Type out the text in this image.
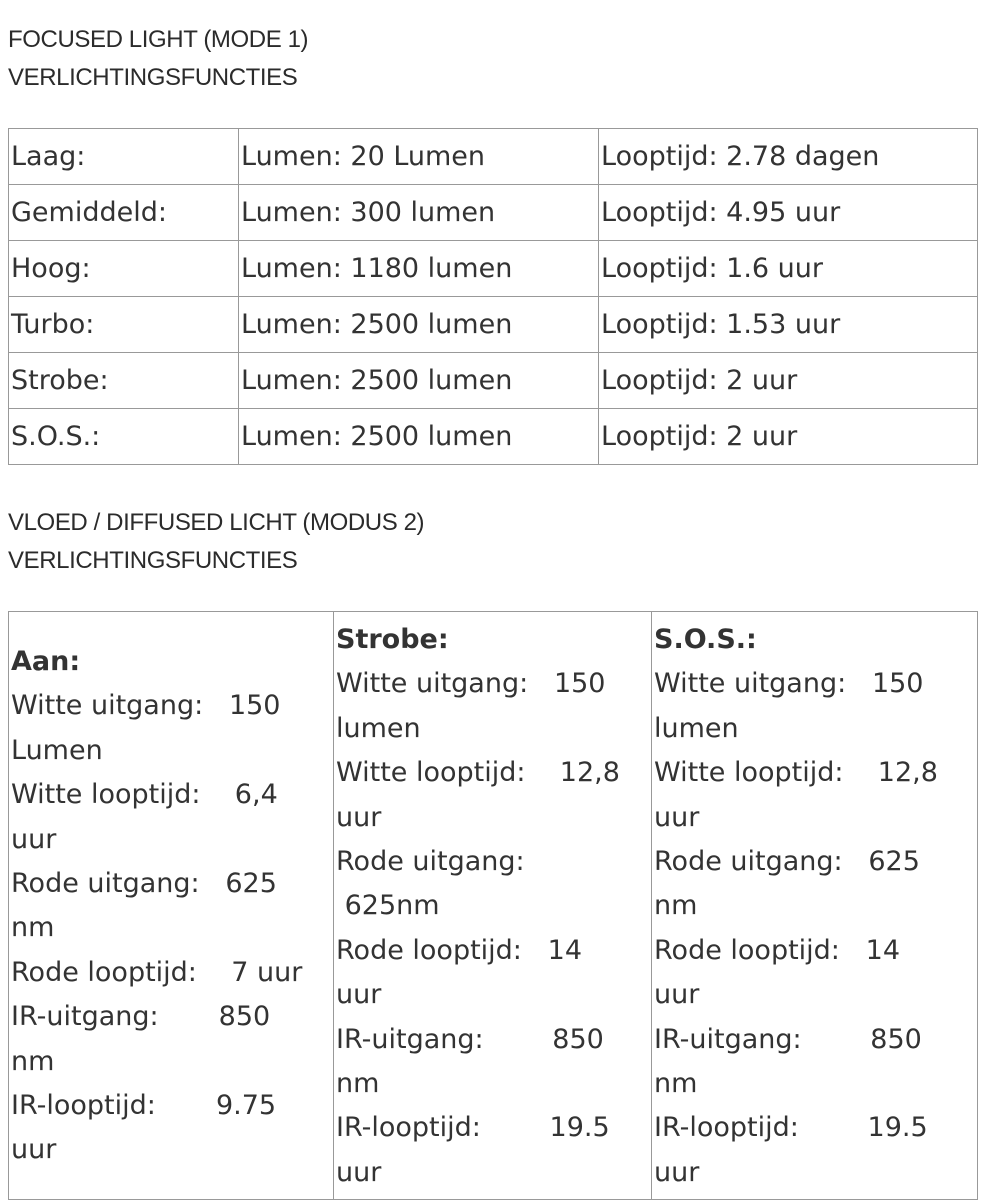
FOCUSED LIGHT (MODE 1)
VERLICHTINGSFUNCTIES
Laag:	Lumen: 20 Lumen	Looptijd: 2.78 dagen
Gemiddeld:	Lumen: 300 lumen	Looptijd: 4.95 uur
Hoog:	Lumen: 1180 lumen	Looptijd: 1.6 uur
Turbo:	Lumen: 2500 lumen	Looptijd: 1.53 uur
Strobe:	Lumen: 2500 lumen	Looptijd: 2 uur
S.O.S.:	Lumen: 2500 lumen	Looptijd: 2 uur
VLOED / DIFFUSED LICHT (MODUS 2)
VERLICHTINGSFUNCTIES
Aan:
Witte uitgang:   150
Lumen
Witte looptijd:    6,4
uur
Rode uitgang:   625
nm
Rode looptijd:    7 uur
IR-uitgang:       850
nm
IR-looptijd:       9.75
uur

Strobe:
Witte uitgang:   150
lumen
Witte looptijd:    12,8
uur
Rode uitgang:
625nm
Rode looptijd:   14
uur
IR-uitgang:        850
nm
IR-looptijd:        19.5
uur

S.O.S.:
Witte uitgang:   150
lumen
Witte looptijd:    12,8
uur
Rode uitgang:   625
nm
Rode looptijd:   14
uur
IR-uitgang:        850
nm
IR-looptijd:        19.5
uur
